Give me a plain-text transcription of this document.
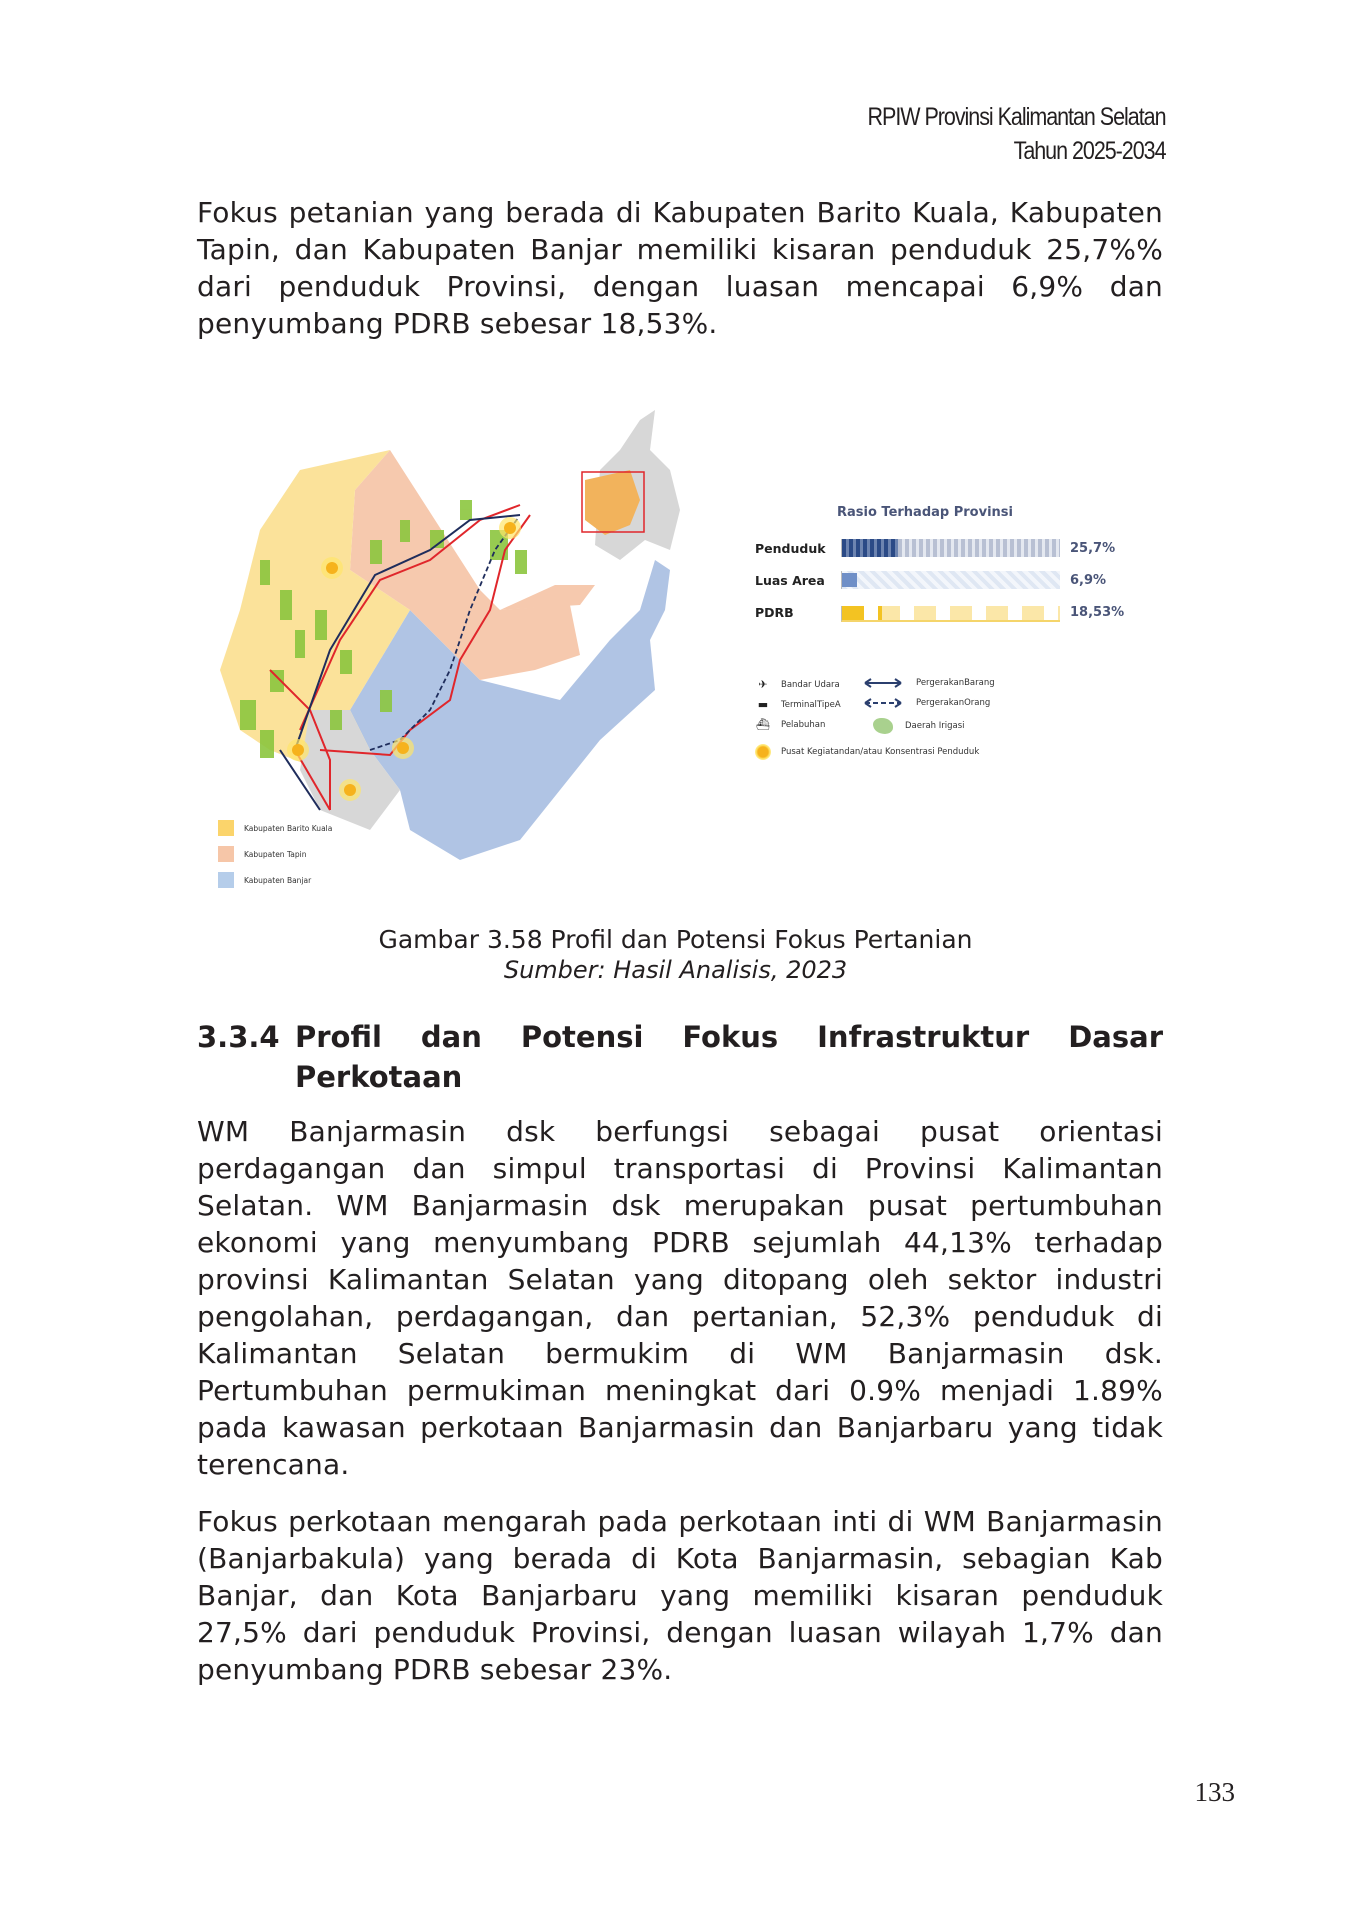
RPIW Provinsi Kalimantan Selatan
Tahun 2025-2034
Fokus petanian yang berada di Kabupaten Barito Kuala, Kabupaten Tapin, dan Kabupaten Banjar memiliki kisaran penduduk 25,7%% dari penduduk Provinsi, dengan luasan mencapai 6,9% dan penyumbang PDRB sebesar 18,53%.
Rasio Terhadap Provinsi
Penduduk	25,7%
Luas Area	6,9%
PDRB	18,53%
✈	Bandar Udara
▬	TerminalTipeA
⛴ Pelabuhan
PergerakanBarang
PergerakanOrang
Daerah Irigasi
Pusat Kegiatandan/atau Konsentrasi Penduduk
Kabupaten Barito Kuala
Kabupaten Tapin
Kabupaten Banjar
Gambar 3.58 Profil dan Potensi Fokus Pertanian
Sumber: Hasil Analisis, 2023
3.3.4 Profil dan Potensi Fokus Infrastruktur Dasar Perkotaan
WM Banjarmasin dsk berfungsi sebagai pusat orientasi perdagangan dan simpul transportasi di Provinsi Kalimantan Selatan. WM Banjarmasin dsk merupakan pusat pertumbuhan ekonomi yang menyumbang PDRB sejumlah 44,13% terhadap provinsi Kalimantan Selatan yang ditopang oleh sektor industri pengolahan, perdagangan, dan pertanian, 52,3% penduduk di Kalimantan Selatan bermukim di WM Banjarmasin dsk. Pertumbuhan permukiman meningkat dari 0.9% menjadi 1.89% pada kawasan perkotaan Banjarmasin dan Banjarbaru yang tidak terencana.
Fokus perkotaan mengarah pada perkotaan inti di WM Banjarmasin (Banjarbakula) yang berada di Kota Banjarmasin, sebagian Kab Banjar, dan Kota Banjarbaru yang memiliki kisaran penduduk 27,5% dari penduduk Provinsi, dengan luasan wilayah 1,7% dan penyumbang PDRB sebesar 23%.
133
